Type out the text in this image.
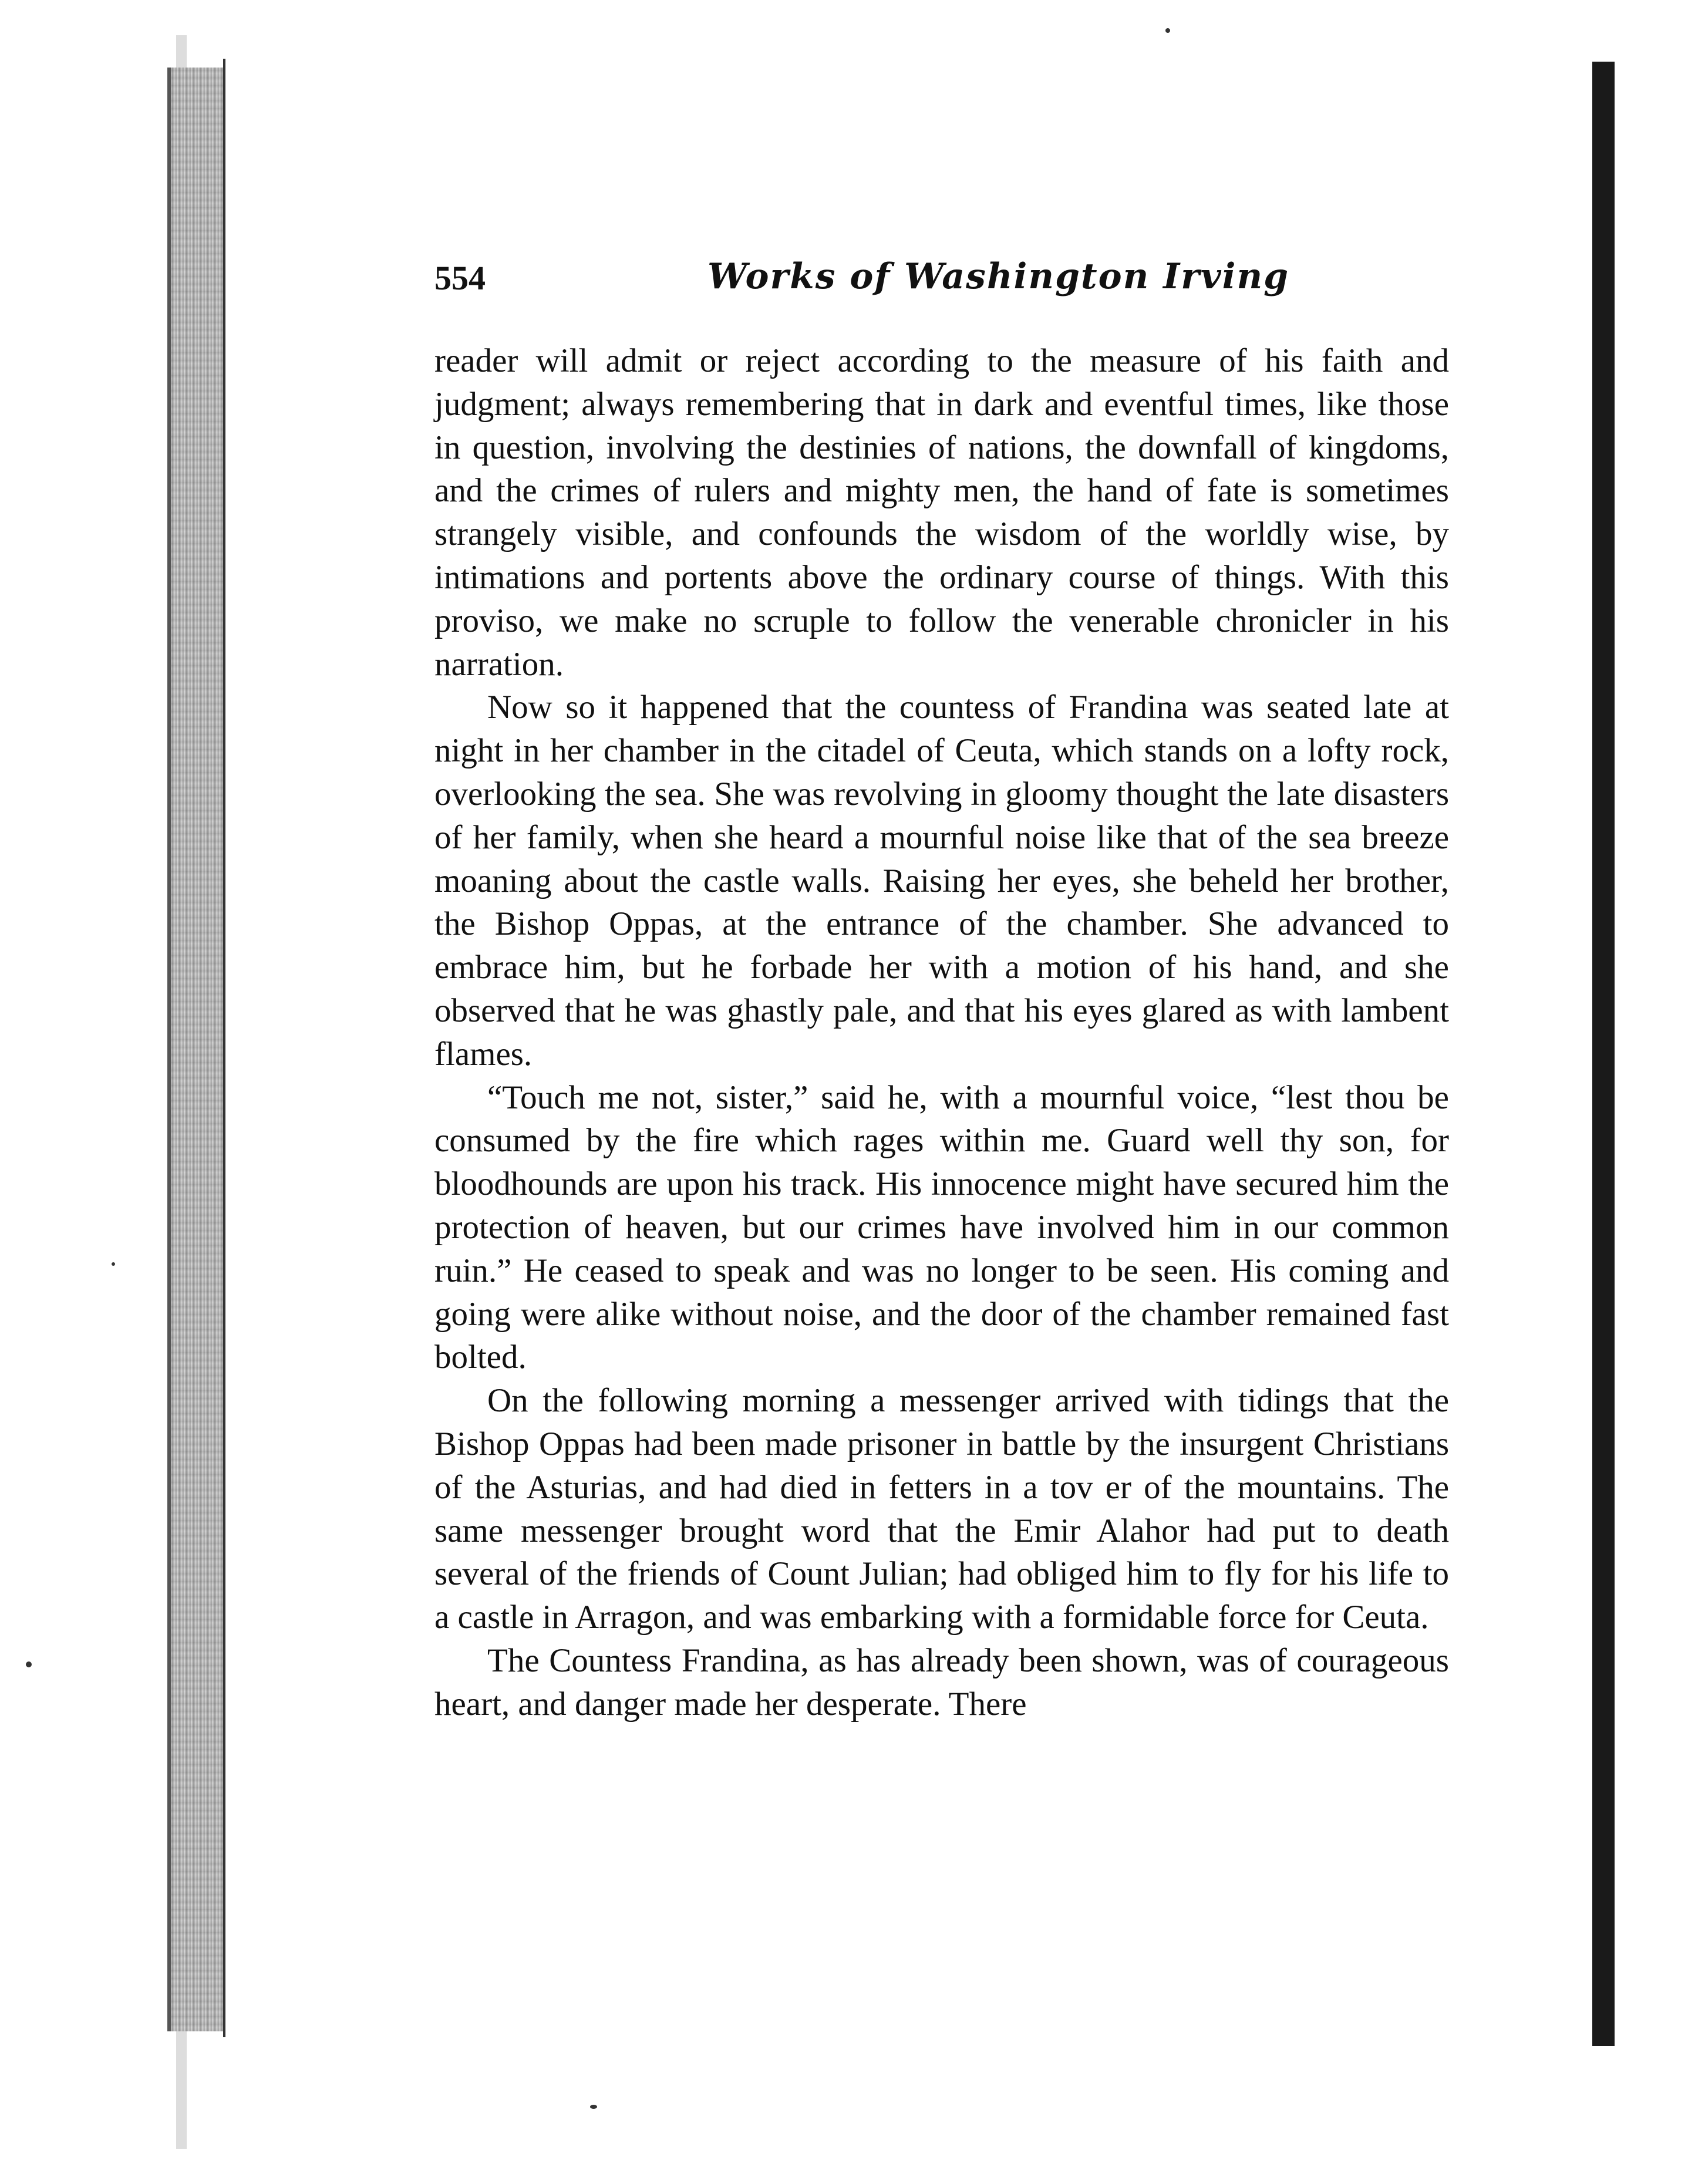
554	Works of Washington Irving

reader will admit or reject according to the measure of his faith and judgment; always remembering that in dark and eventful times, like those in question, involving the destinies of nations, the downfall of kingdoms, and the crimes of rulers and mighty men, the hand of fate is sometimes strangely visible, and confounds the wisdom of the worldly wise, by intimations and portents above the ordinary course of things. With this proviso, we make no scruple to follow the venerable chronicler in his narration.

Now so it happened that the countess of Frandina was seated late at night in her chamber in the citadel of Ceuta, which stands on a lofty rock, overlooking the sea. She was revolving in gloomy thought the late disasters of her family, when she heard a mournful noise like that of the sea breeze moaning about the castle walls. Raising her eyes, she beheld her brother, the Bishop Oppas, at the entrance of the chamber. She advanced to embrace him, but he forbade her with a motion of his hand, and she observed that he was ghastly pale, and that his eyes glared as with lambent flames.

“Touch me not, sister,” said he, with a mournful voice, “lest thou be consumed by the fire which rages within me. Guard well thy son, for bloodhounds are upon his track. His innocence might have secured him the protection of heaven, but our crimes have involved him in our common ruin.” He ceased to speak and was no longer to be seen. His coming and going were alike without noise, and the door of the chamber remained fast bolted.

On the following morning a messenger arrived with tidings that the Bishop Oppas had been made prisoner in battle by the insurgent Christians of the Asturias, and had died in fetters in a tov er of the mountains. The same messenger brought word that the Emir Alahor had put to death several of the friends of Count Julian; had obliged him to fly for his life to a castle in Arragon, and was embarking with a formidable force for Ceuta.

The Countess Frandina, as has already been shown, was of courageous heart, and danger made her desperate. There
